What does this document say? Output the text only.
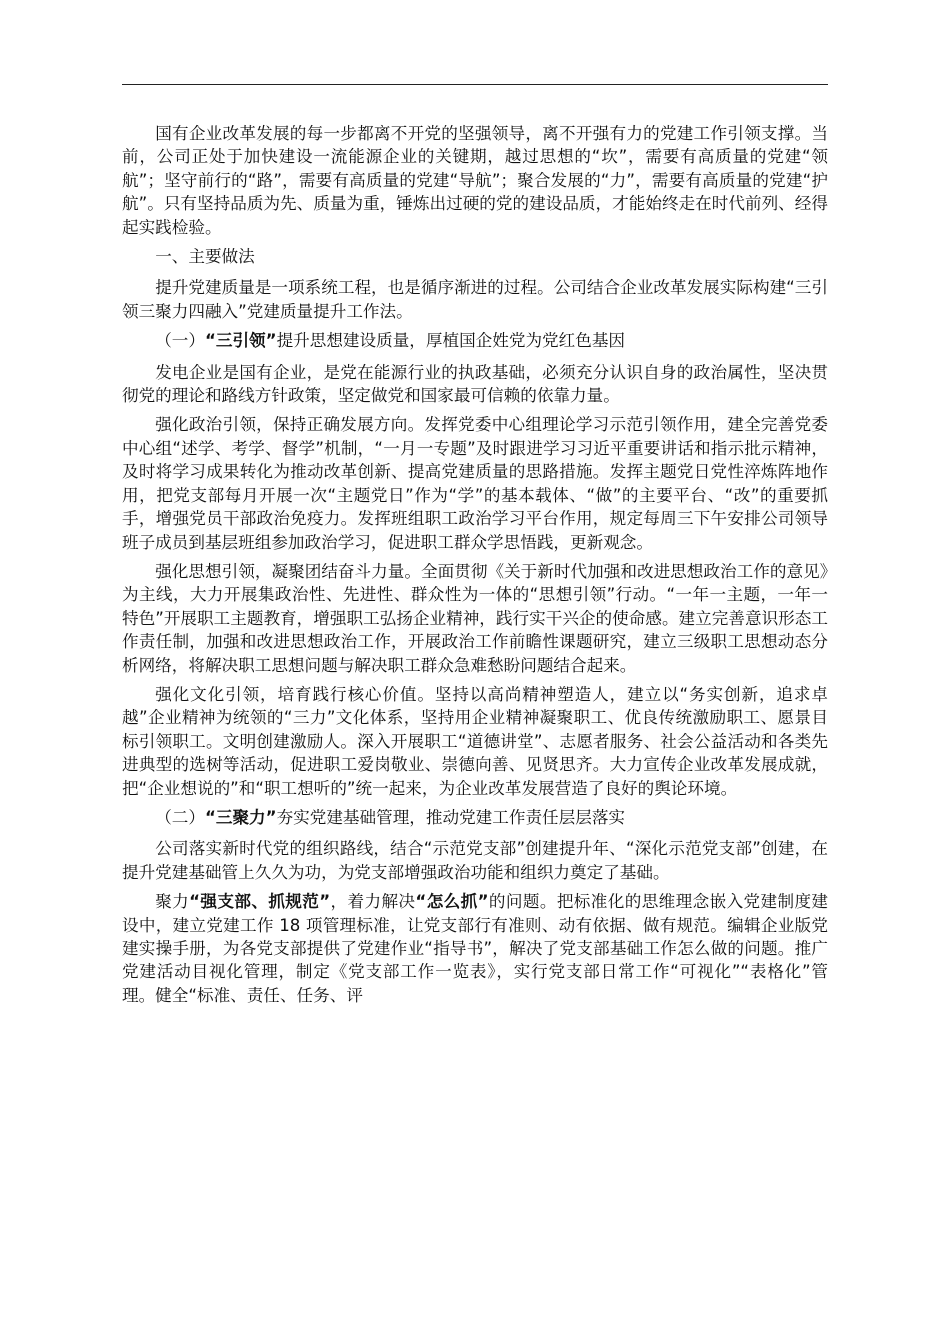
国有企业改革发展的每一步都离不开党的坚强领导，离不开强有力的党建工作引领支撑。当前，公司正处于加快建设一流能源企业的关键期，越过思想的“坎”，需要有高质量的党建“领航”；坚守前行的“路”，需要有高质量的党建“导航”；聚合发展的“力”，需要有高质量的党建“护航”。只有坚持品质为先、质量为重，锤炼出过硬的党的建设品质，才能始终走在时代前列、经得起实践检验。

一、主要做法

提升党建质量是一项系统工程，也是循序渐进的过程。公司结合企业改革发展实际构建“三引领三聚力四融入”党建质量提升工作法。

（一）“三引领”提升思想建设质量，厚植国企姓党为党红色基因

发电企业是国有企业，是党在能源行业的执政基础，必须充分认识自身的政治属性，坚决贯彻党的理论和路线方针政策，坚定做党和国家最可信赖的依靠力量。

强化政治引领，保持正确发展方向。发挥党委中心组理论学习示范引领作用，建全完善党委中心组“述学、考学、督学”机制，“一月一专题”及时跟进学习习近平重要讲话和指示批示精神，及时将学习成果转化为推动改革创新、提高党建质量的思路措施。发挥主题党日党性淬炼阵地作用，把党支部每月开展一次“主题党日”作为“学”的基本载体、“做”的主要平台、“改”的重要抓手，增强党员干部政治免疫力。发挥班组职工政治学习平台作用，规定每周三下午安排公司领导班子成员到基层班组参加政治学习，促进职工群众学思悟践，更新观念。

强化思想引领，凝聚团结奋斗力量。全面贯彻《关于新时代加强和改进思想政治工作的意见》为主线，大力开展集政治性、先进性、群众性为一体的“思想引领”行动。“一年一主题，一年一特色”开展职工主题教育，增强职工弘扬企业精神，践行实干兴企的使命感。建立完善意识形态工作责任制，加强和改进思想政治工作，开展政治工作前瞻性课题研究，建立三级职工思想动态分析网络，将解决职工思想问题与解决职工群众急难愁盼问题结合起来。

强化文化引领，培育践行核心价值。坚持以高尚精神塑造人，建立以“务实创新，追求卓越”企业精神为统领的“三力”文化体系，坚持用企业精神凝聚职工、优良传统激励职工、愿景目标引领职工。文明创建激励人。深入开展职工“道德讲堂”、志愿者服务、社会公益活动和各类先进典型的选树等活动，促进职工爱岗敬业、崇德向善、见贤思齐。大力宣传企业改革发展成就，把“企业想说的”和“职工想听的”统一起来，为企业改革发展营造了良好的舆论环境。

（二）“三聚力”夯实党建基础管理，推动党建工作责任层层落实

公司落实新时代党的组织路线，结合“示范党支部”创建提升年、“深化示范党支部”创建，在提升党建基础管上久久为功，为党支部增强政治功能和组织力奠定了基础。

聚力“强支部、抓规范”，着力解决“怎么抓”的问题。把标准化的思维理念嵌入党建制度建设中，建立党建工作 18 项管理标准，让党支部行有准则、动有依据、做有规范。编辑企业版党建实操手册，为各党支部提供了党建作业“指导书”，解决了党支部基础工作怎么做的问题。推广党建活动目视化管理，制定《党支部工作一览表》，实行党支部日常工作“可视化”“表格化”管理。健全“标准、责任、任务、评
